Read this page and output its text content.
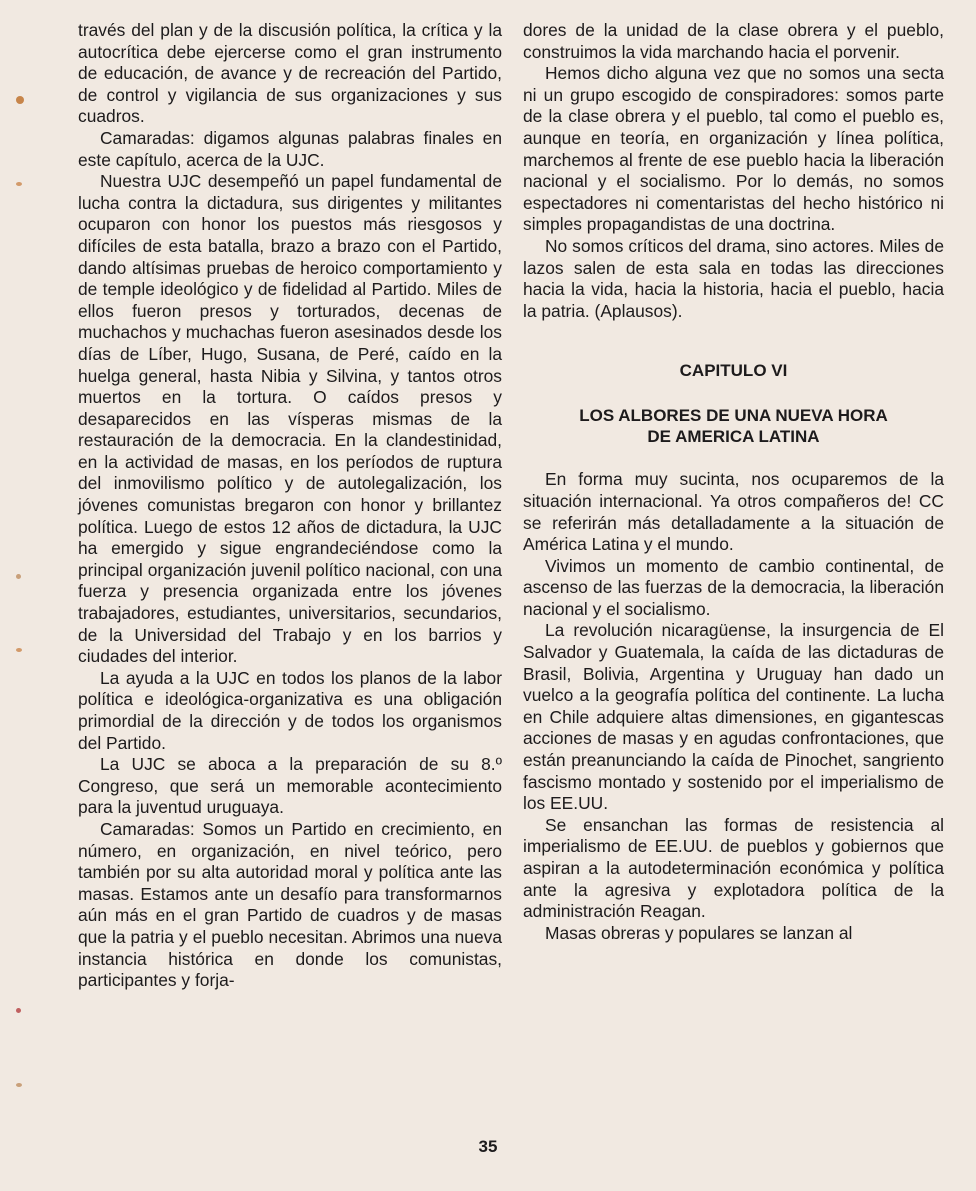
través del plan y de la discusión política, la crítica y la autocrítica debe ejercerse como el gran instrumento de educación, de avance y de recreación del Partido, de control y vigilancia de sus organizaciones y sus cuadros.

Camaradas: digamos algunas palabras finales en este capítulo, acerca de la UJC.

Nuestra UJC desempeñó un papel fundamental de lucha contra la dictadura, sus dirigentes y militantes ocuparon con honor los puestos más riesgosos y difíciles de esta batalla, brazo a brazo con el Partido, dando altísimas pruebas de heroico comportamiento y de temple ideológico y de fidelidad al Partido. Miles de ellos fueron presos y torturados, decenas de muchachos y muchachas fueron asesinados desde los días de Líber, Hugo, Susana, de Peré, caído en la huelga general, hasta Nibia y Silvina, y tantos otros muertos en la tortura. O caídos presos y desaparecidos en las vísperas mismas de la restauración de la democracia. En la clandestinidad, en la actividad de masas, en los períodos de ruptura del inmovilismo político y de autolegalización, los jóvenes comunistas bregaron con honor y brillantez política. Luego de estos 12 años de dictadura, la UJC ha emergido y sigue engrandeciéndose como la principal organización juvenil político nacional, con una fuerza y presencia organizada entre los jóvenes trabajadores, estudiantes, universitarios, secundarios, de la Universidad del Trabajo y en los barrios y ciudades del interior.

La ayuda a la UJC en todos los planos de la labor política e ideológica-organizativa es una obligación primordial de la dirección y de todos los organismos del Partido.

La UJC se aboca a la preparación de su 8.º Congreso, que será un memorable acontecimiento para la juventud uruguaya.

Camaradas: Somos un Partido en crecimiento, en número, en organización, en nivel teórico, pero también por su alta autoridad moral y política ante las masas. Estamos ante un desafío para transformarnos aún más en el gran Partido de cuadros y de masas que la patria y el pueblo necesitan. Abrimos una nueva instancia histórica en donde los comunistas, participantes y forja-

dores de la unidad de la clase obrera y el pueblo, construimos la vida marchando hacia el porvenir.

Hemos dicho alguna vez que no somos una secta ni un grupo escogido de conspiradores: somos parte de la clase obrera y el pueblo, tal como el pueblo es, aunque en teoría, en organización y línea política, marchemos al frente de ese pueblo hacia la liberación nacional y el socialismo. Por lo demás, no somos espectadores ni comentaristas del hecho histórico ni simples propagandistas de una doctrina.

No somos críticos del drama, sino actores. Miles de lazos salen de esta sala en todas las direcciones hacia la vida, hacia la historia, hacia el pueblo, hacia la patria. (Aplausos).

CAPITULO VI
LOS ALBORES DE UNA NUEVA HORA
DE AMERICA LATINA

En forma muy sucinta, nos ocuparemos de la situación internacional. Ya otros compañeros de! CC se referirán más detalladamente a la situación de América Latina y el mundo.

Vivimos un momento de cambio continental, de ascenso de las fuerzas de la democracia, la liberación nacional y el socialismo.

La revolución nicaragüense, la insurgencia de El Salvador y Guatemala, la caída de las dictaduras de Brasil, Bolivia, Argentina y Uruguay han dado un vuelco a la geografía política del continente. La lucha en Chile adquiere altas dimensiones, en gigantescas acciones de masas y en agudas confrontaciones, que están preanunciando la caída de Pinochet, sangriento fascismo montado y sostenido por el imperialismo de los EE.UU.

Se ensanchan las formas de resistencia al imperialismo de EE.UU. de pueblos y gobiernos que aspiran a la autodeterminación económica y política ante la agresiva y explotadora política de la administración Reagan.

Masas obreras y populares se lanzan al

35
